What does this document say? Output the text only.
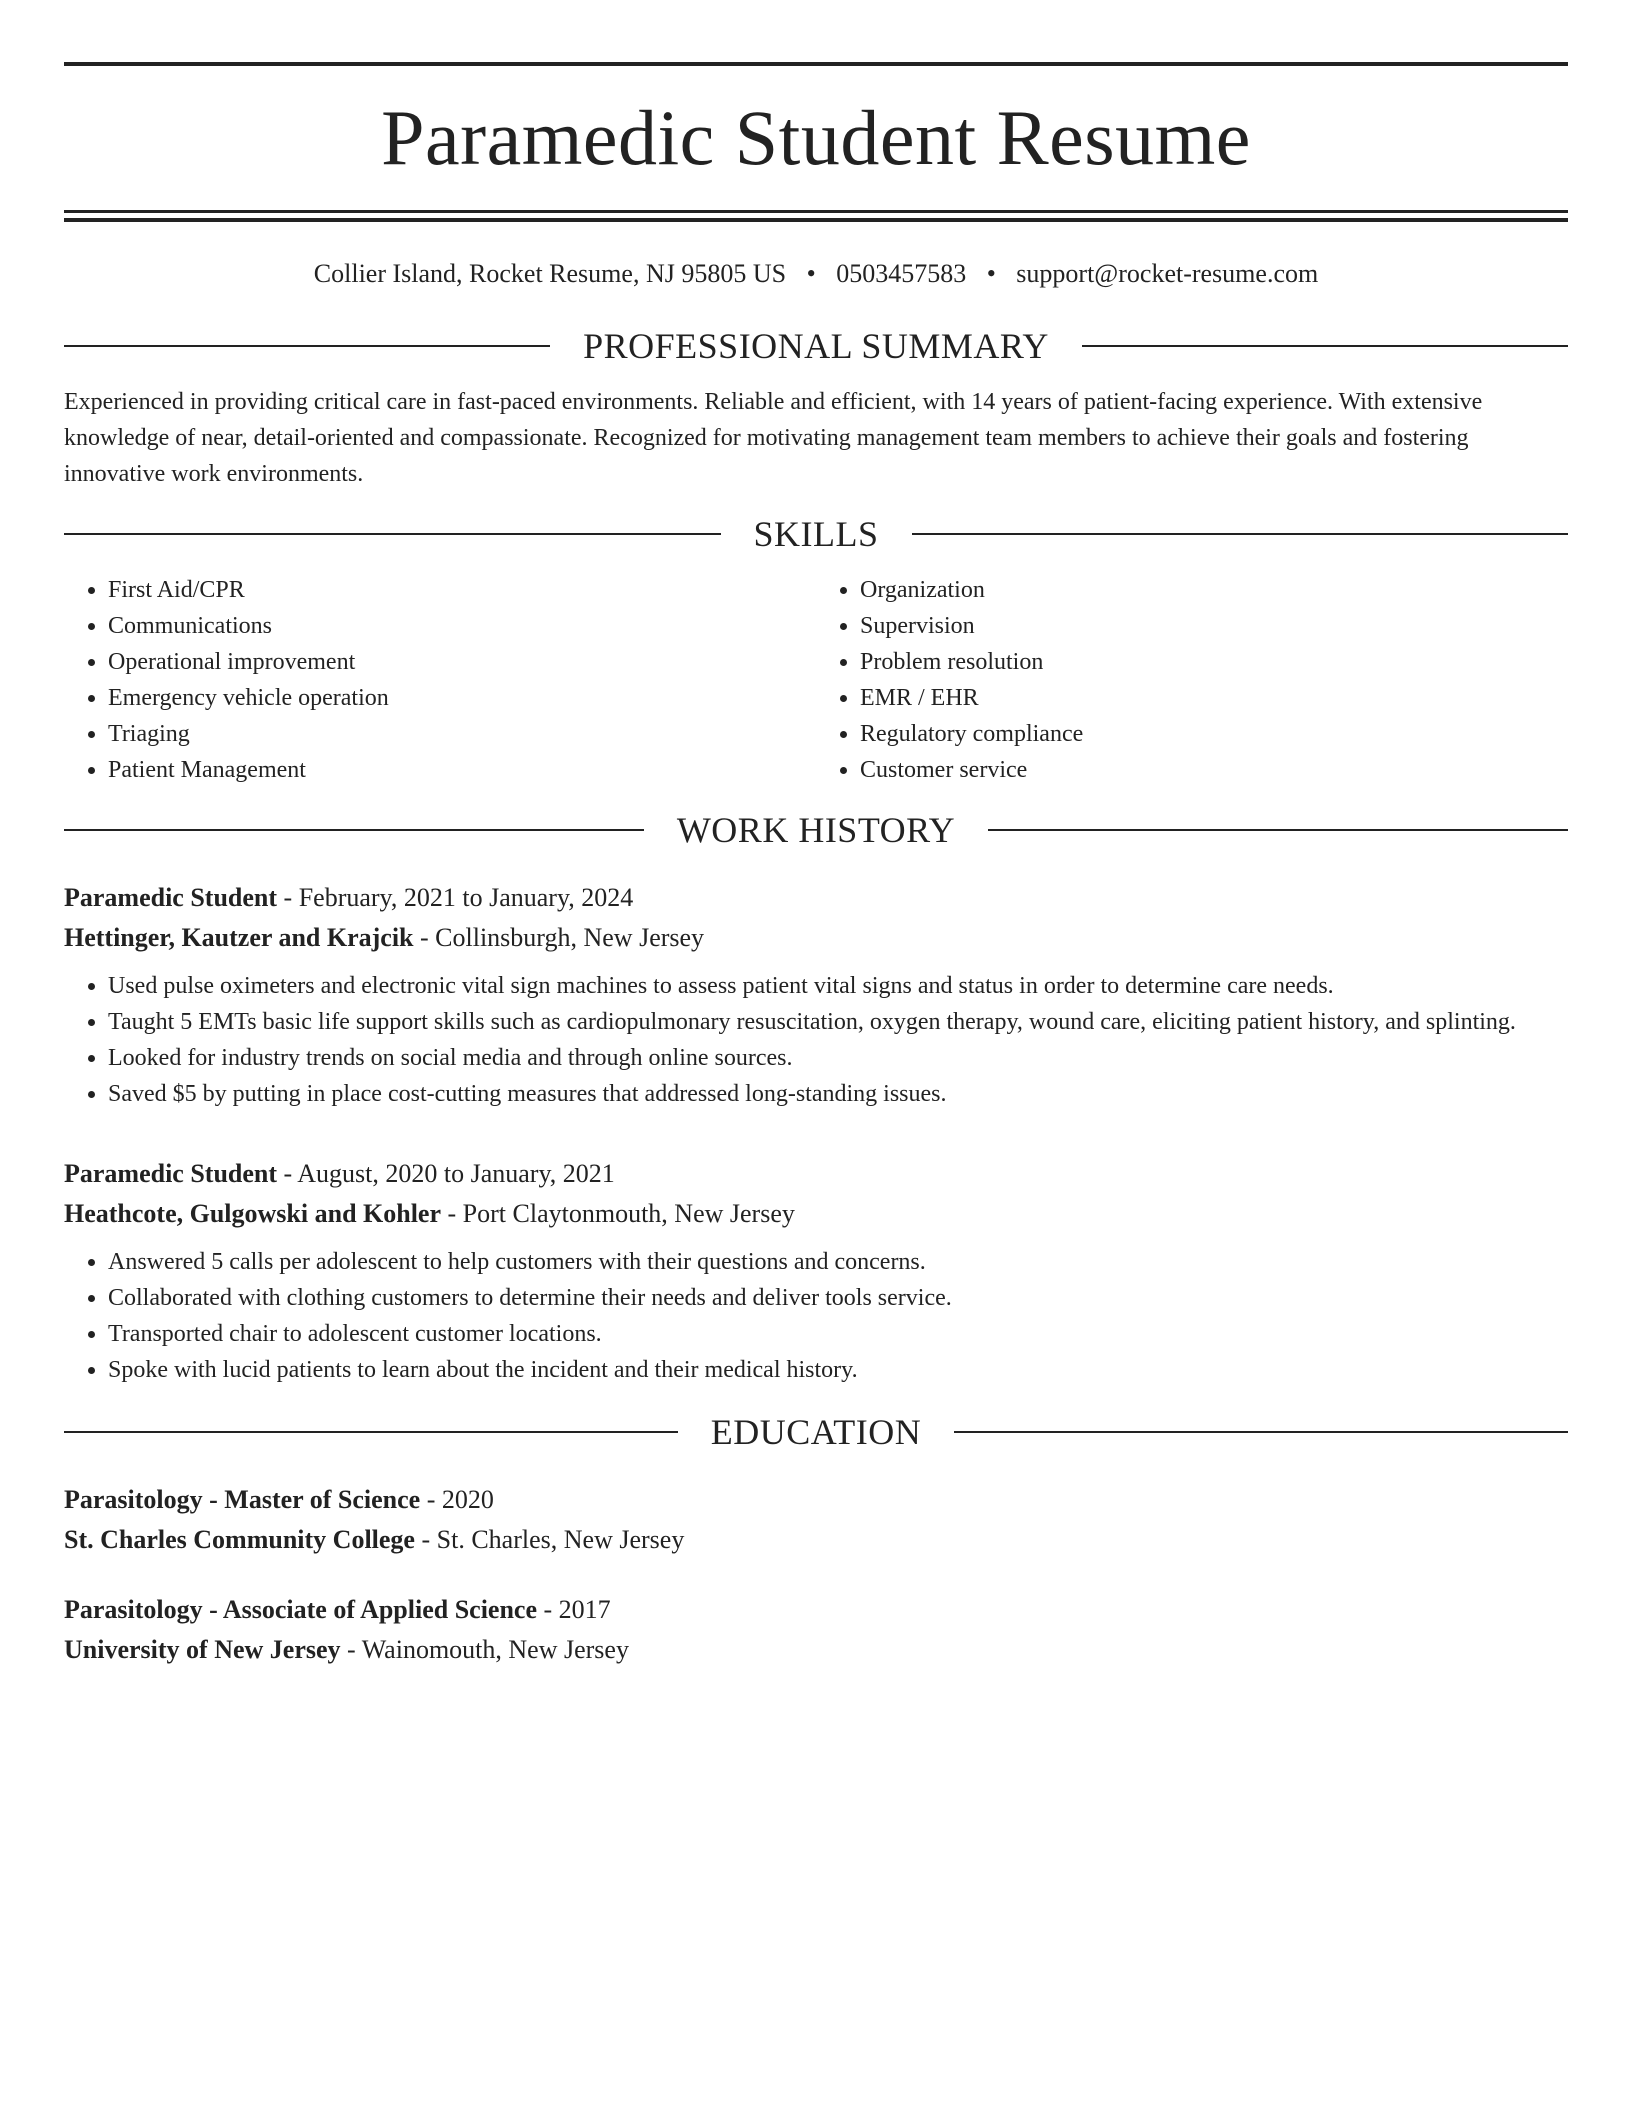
Paramedic Student Resume
Collier Island, Rocket Resume, NJ 95805 US • 0503457583 • support@rocket-resume.com
PROFESSIONAL SUMMARY

Experienced in providing critical care in fast-paced environments. Reliable and efficient, with 14 years of patient-facing experience. With extensive knowledge of near, detail-oriented and compassionate. Recognized for motivating management team members to achieve their goals and fostering innovative work environments.

SKILLS
• First Aid/CPR
• Communications
• Operational improvement
• Emergency vehicle operation
• Triaging
• Patient Management
• Organization
• Supervision
• Problem resolution
• EMR / EHR
• Regulatory compliance
• Customer service
WORK HISTORY
Paramedic Student - February, 2021 to January, 2024
Hettinger, Kautzer and Krajcik - Collinsburgh, New Jersey
• Used pulse oximeters and electronic vital sign machines to assess patient vital signs and status in order to determine care needs.
• Taught 5 EMTs basic life support skills such as cardiopulmonary resuscitation, oxygen therapy, wound care, eliciting patient history, and splinting.
• Looked for industry trends on social media and through online sources.
• Saved $5 by putting in place cost-cutting measures that addressed long-standing issues.
Paramedic Student - August, 2020 to January, 2021
Heathcote, Gulgowski and Kohler - Port Claytonmouth, New Jersey
• Answered 5 calls per adolescent to help customers with their questions and concerns.
• Collaborated with clothing customers to determine their needs and deliver tools service.
• Transported chair to adolescent customer locations.
• Spoke with lucid patients to learn about the incident and their medical history.
EDUCATION
Parasitology - Master of Science - 2020
St. Charles Community College - St. Charles, New Jersey
Parasitology - Associate of Applied Science - 2017
University of New Jersey - Wainomouth, New Jersey
